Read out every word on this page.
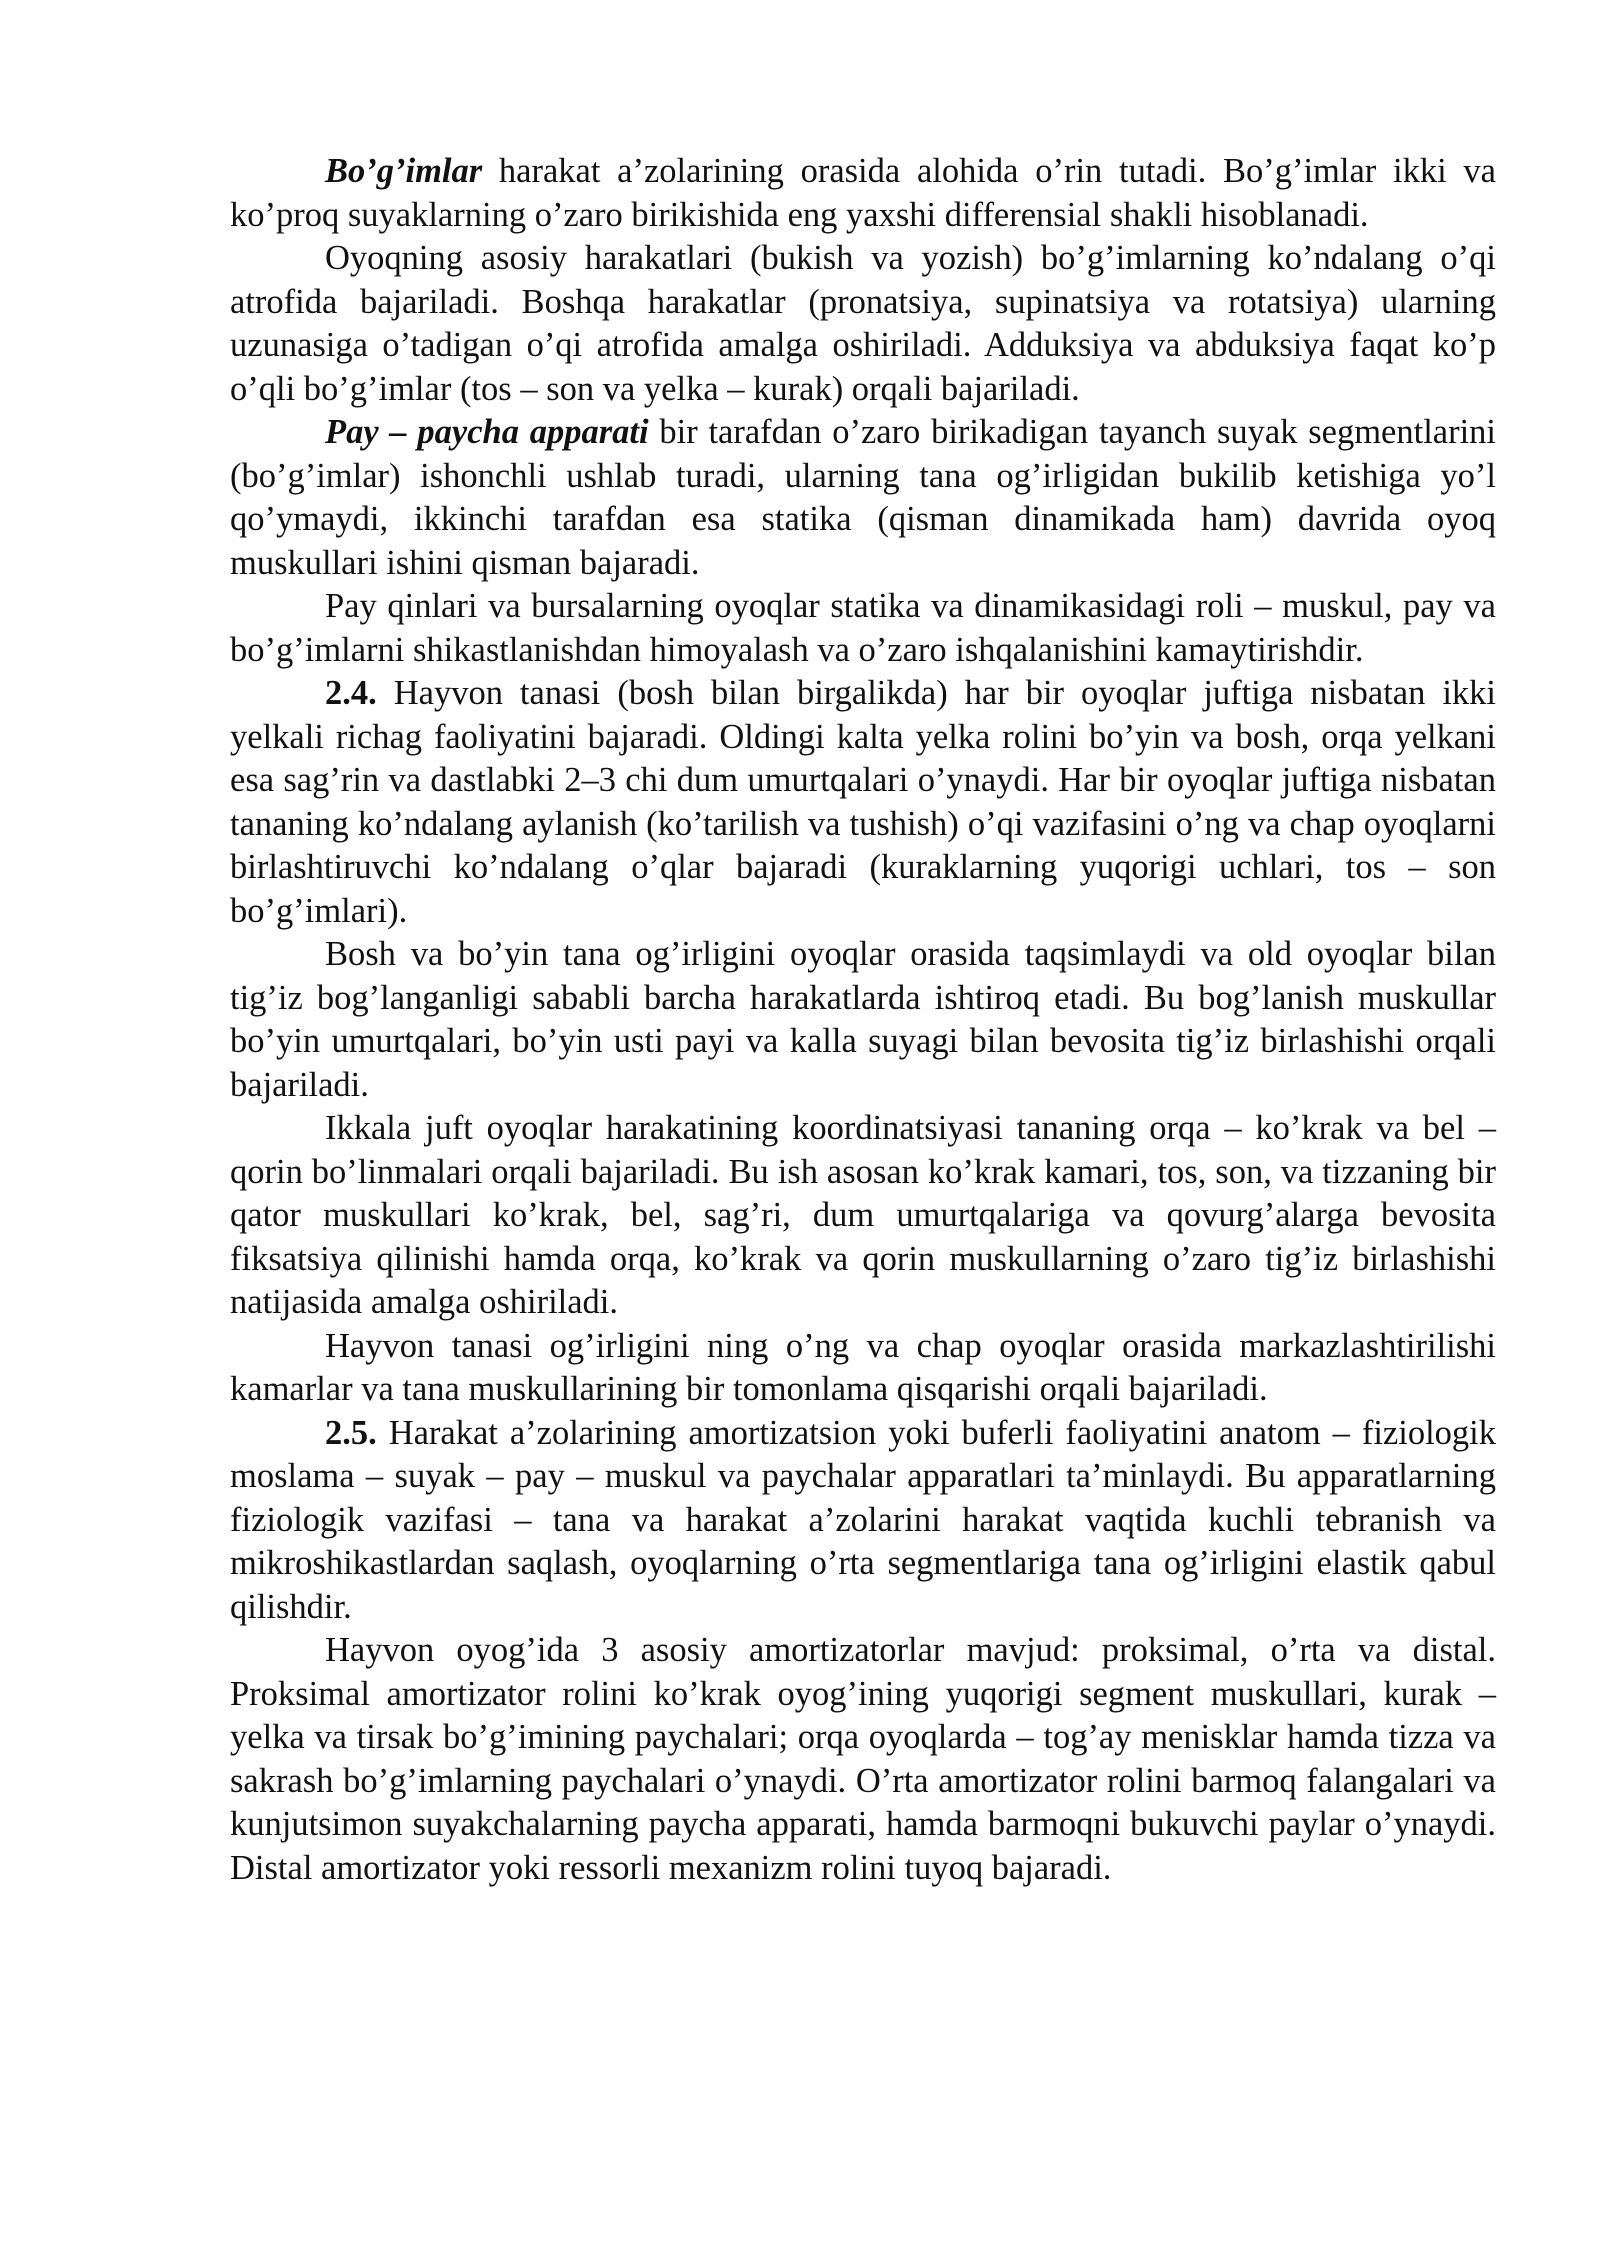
Bo’g’imlar harakat a’zolarining orasida alohida o’rin tutadi. Bo’g’imlar ikki va ko’proq suyaklarning o’zaro birikishida eng yaxshi differensial shakli hisoblanadi.

Oyoqning asosiy harakatlari (bukish va yozish) bo’g’imlarning ko’ndalang o’qi atrofida bajariladi. Boshqa harakatlar (pronatsiya, supinatsiya va rotatsiya) ularning uzunasiga o’tadigan o’qi atrofida amalga oshiriladi. Adduksiya va abduksiya faqat ko’p o’qli bo’g’imlar (tos – son va yelka – kurak) orqali bajariladi.

Pay – paycha apparati bir tarafdan o’zaro birikadigan tayanch suyak segmentlarini (bo’g’imlar) ishonchli ushlab turadi, ularning tana og’irligidan bukilib ketishiga yo’l qo’ymaydi, ikkinchi tarafdan esa statika (qisman dinamikada ham) davrida oyoq muskullari ishini qisman bajaradi.

Pay qinlari va bursalarning oyoqlar statika va dinamikasidagi roli – muskul, pay va bo’g’imlarni shikastlanishdan himoyalash va o’zaro ishqalanishini kamaytirishdir.

2.4. Hayvon tanasi (bosh bilan birgalikda) har bir oyoqlar juftiga nisbatan ikki yelkali richag faoliyatini bajaradi. Oldingi kalta yelka rolini bo’yin va bosh, orqa yelkani esa sag’rin va dastlabki 2–3 chi dum umurtqalari o’ynaydi. Har bir oyoqlar juftiga nisbatan tananing ko’ndalang aylanish (ko’tarilish va tushish) o’qi vazifasini o’ng va chap oyoqlarni birlashtiruvchi ko’ndalang o’qlar bajaradi (kuraklarning yuqorigi uchlari, tos – son bo’g’imlari).

Bosh va bo’yin tana og’irligini oyoqlar orasida taqsimlaydi va old oyoqlar bilan tig’iz bog’langanligi sababli barcha harakatlarda ishtiroq etadi. Bu bog’lanish muskullar bo’yin umurtqalari, bo’yin usti payi va kalla suyagi bilan bevosita tig’iz birlashishi orqali bajariladi.

Ikkala juft oyoqlar harakatining koordinatsiyasi tananing orqa – ko’krak va bel – qorin bo’linmalari orqali bajariladi. Bu ish asosan ko’krak kamari, tos, son, va tizzaning bir qator muskullari ko’krak, bel, sag’ri, dum umurtqalariga va qovurg’alarga bevosita fiksatsiya qilinishi hamda orqa, ko’krak va qorin muskullarning o’zaro tig’iz birlashishi natijasida amalga oshiriladi.

Hayvon tanasi og’irligini ning o’ng va chap oyoqlar orasida markazlashtirilishi kamarlar va tana muskullarining bir tomonlama qisqarishi orqali bajariladi.

2.5. Harakat a’zolarining amortizatsion yoki buferli faoliyatini anatom – fiziologik moslama – suyak – pay – muskul va paychalar apparatlari ta’minlaydi. Bu apparatlarning fiziologik vazifasi – tana va harakat a’zolarini harakat vaqtida kuchli tebranish va mikroshikastlardan saqlash, oyoqlarning o’rta segmentlariga tana og’irligini elastik qabul qilishdir.

Hayvon oyog’ida 3 asosiy amortizatorlar mavjud: proksimal, o’rta va distal. Proksimal amortizator rolini ko’krak oyog’ining yuqorigi segment muskullari, kurak – yelka va tirsak bo’g’imining paychalari; orqa oyoqlarda – tog’ay menisklar hamda tizza va sakrash bo’g’imlarning paychalari o’ynaydi. O’rta amortizator rolini barmoq falangalari va kunjutsimon suyakchalarning paycha apparati, hamda barmoqni bukuvchi paylar o’ynaydi. Distal amortizator yoki ressorli mexanizm rolini tuyoq bajaradi.
